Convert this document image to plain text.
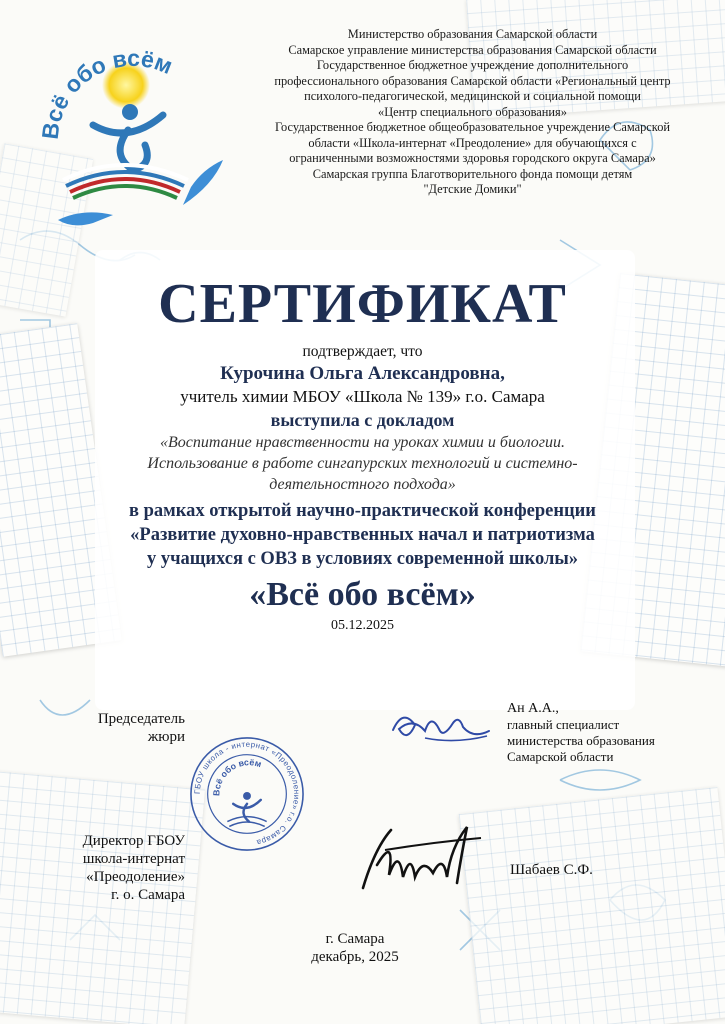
Всё обо всём
Министерство образования Самарской области
Самарское управление министерства образования Самарской области
Государственное бюджетное учреждение дополнительного
профессионального образования Самарской области «Региональный центр
психолого-педагогической, медицинской и социальной помощи
«Центр специального образования»
Государственное бюджетное общеобразовательное учреждение Самарской
области «Школа-интернат «Преодоление» для обучающихся с
ограниченными возможностями здоровья городского округа Самара»
Самарская группа Благотворительного фонда помощи детям
"Детские Домики"
СЕРТИФИКАТ
подтверждает, что
Курочина Ольга Александровна,
учитель химии МБОУ «Школа № 139» г.о. Самара
выступила с докладом
«Воспитание нравственности на уроках химии и биологии.
Использование в работе сингапурских технологий и системно-
деятельностного подхода»
в рамках открытой научно-практической конференции
«Развитие духовно-нравственных начал и патриотизма
у учащихся с ОВЗ в условиях современной школы»
«Всё обо всём»
05.12.2025
Председатель
жюри
Ан А.А.,
главный специалист
министерства образования
Самарской области
ГБОУ школа - интернат «Преодоление» г.о. Самара
Всё обо всём
Директор ГБОУ
школа-интернат
«Преодоление»
г. о. Самара
Шабаев С.Ф.
г. Самара
декабрь, 2025
